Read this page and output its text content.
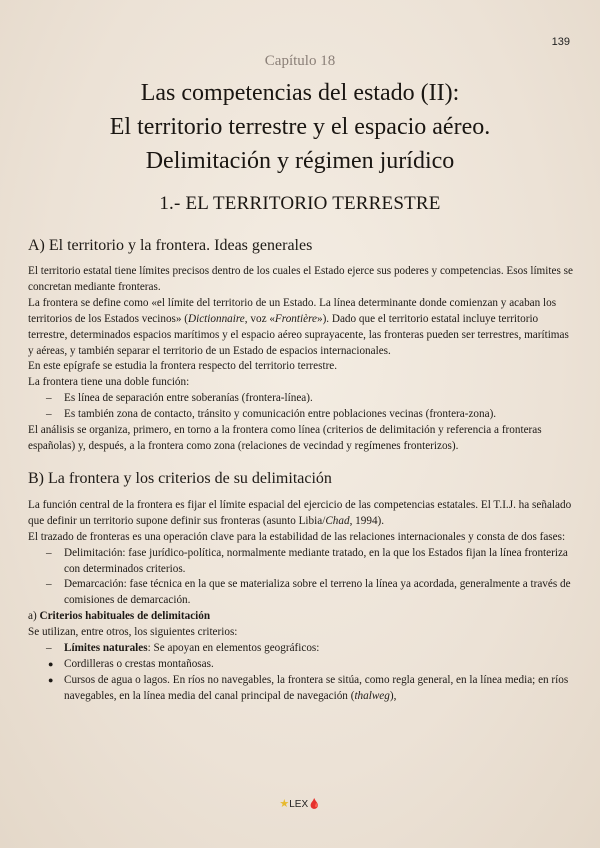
139
Capítulo 18
Las competencias del estado (II):
El territorio terrestre y el espacio aéreo.
Delimitación y régimen jurídico
1.- EL TERRITORIO TERRESTRE
A) El territorio y la frontera. Ideas generales

El territorio estatal tiene límites precisos dentro de los cuales el Estado ejerce sus poderes y competencias. Esos límites se concretan mediante fronteras.

La frontera se define como «el límite del territorio de un Estado. La línea determinante donde comienzan y acaban los territorios de los Estados vecinos» (Dictionnaire, voz «Frontière»). Dado que el territorio estatal incluye territorio terrestre, determinados espacios marítimos y el espacio aéreo suprayacente, las fronteras pueden ser terrestres, marítimas y aéreas, y también separar el territorio de un Estado de espacios internacionales.

En este epígrafe se estudia la frontera respecto del territorio terrestre.

La frontera tiene una doble función:

– Es línea de separación entre soberanías (frontera-línea).
– Es también zona de contacto, tránsito y comunicación entre poblaciones vecinas (frontera-zona).

El análisis se organiza, primero, en torno a la frontera como línea (criterios de delimitación y referencia a fronteras españolas) y, después, a la frontera como zona (relaciones de vecindad y regímenes fronterizos).

B) La frontera y los criterios de su delimitación

La función central de la frontera es fijar el límite espacial del ejercicio de las competencias estatales. El T.I.J. ha señalado que definir un territorio supone definir sus fronteras (asunto Libia/Chad, 1994).

El trazado de fronteras es una operación clave para la estabilidad de las relaciones internacionales y consta de dos fases:

– Delimitación: fase jurídico-política, normalmente mediante tratado, en la que los Estados fijan la línea fronteriza con determinados criterios.
– Demarcación: fase técnica en la que se materializa sobre el terreno la línea ya acordada, generalmente a través de comisiones de demarcación.

a) Criterios habituales de delimitación

Se utilizan, entre otros, los siguientes criterios:

– Límites naturales: Se apoyan en elementos geográficos:
● Cordilleras o crestas montañosas.
● Cursos de agua o lagos. En ríos no navegables, la frontera se sitúa, como regla general, en la línea media; en ríos navegables, en la línea media del canal principal de navegación (thalweg),
★LEX🩸
